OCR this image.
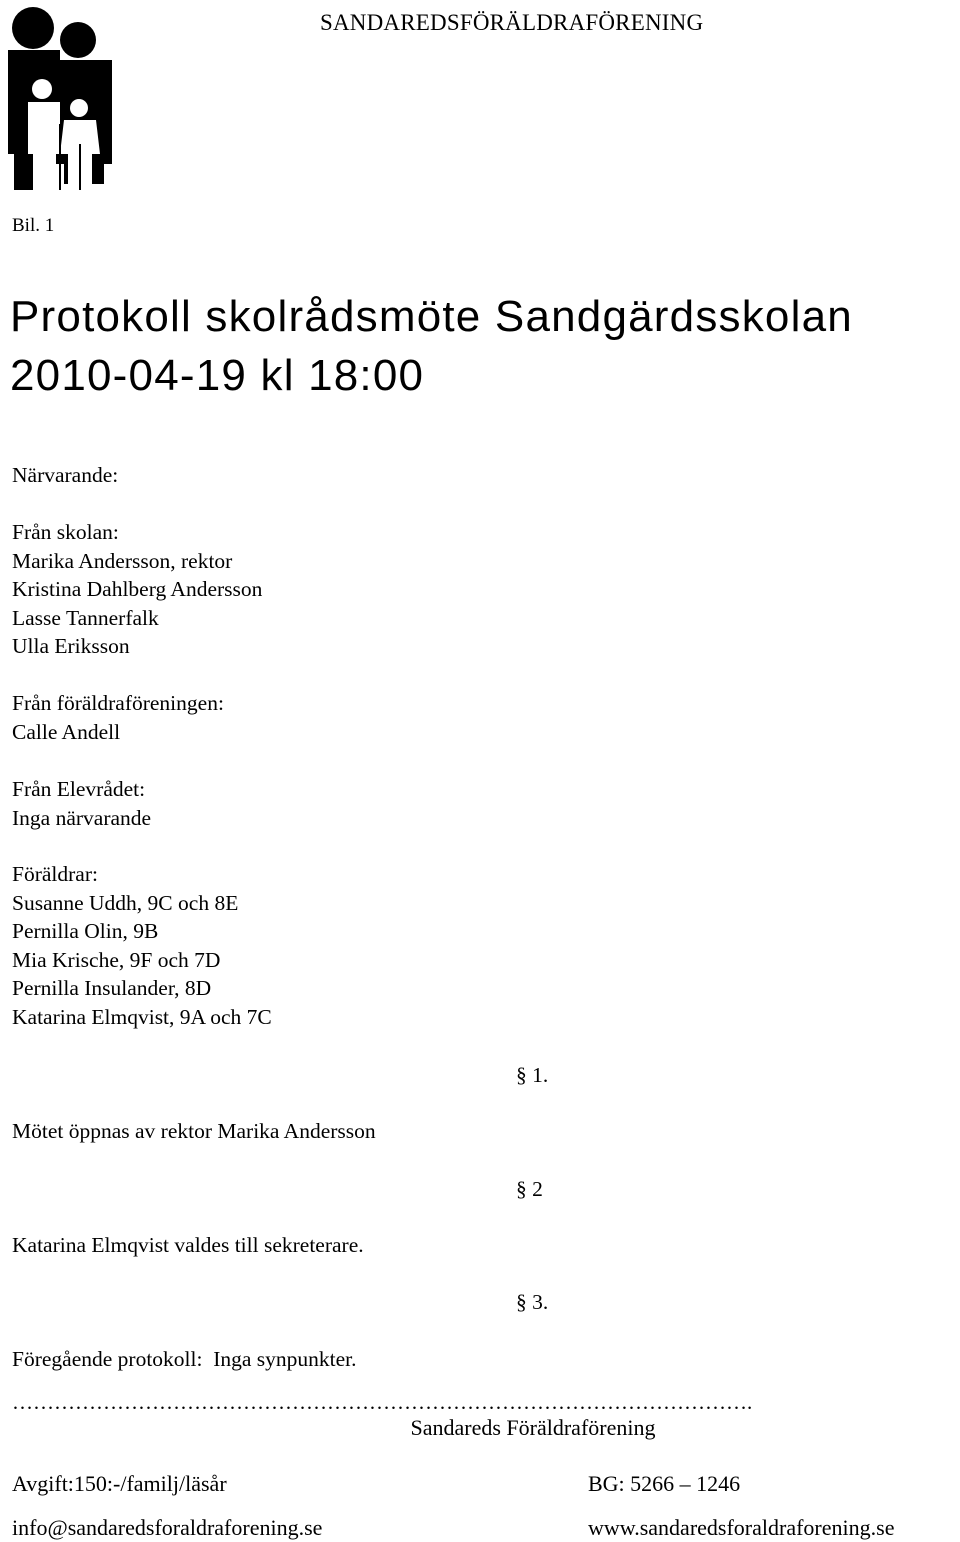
SANDAREDSFÖRÄLDRAFÖRENING
Bil. 1
Protokoll skolrådsmöte Sandgärdsskolan
2010-04-19 kl 18:00
Närvarande:
Från skolan:
Marika Andersson, rektor
Kristina Dahlberg Andersson
Lasse Tannerfalk
Ulla Eriksson
Från föräldraföreningen:
Calle Andell
Från Elevrådet:
Inga närvarande
Föräldrar:
Susanne Uddh, 9C och 8E
Pernilla Olin, 9B
Mia Krische, 9F och 7D
Pernilla Insulander, 8D
Katarina Elmqvist, 9A och 7C
§ 1.
Mötet öppnas av rektor Marika Andersson
§ 2
Katarina Elmqvist valdes till sekreterare.
§ 3.
Föregående protokoll:  Inga synpunkter.
…………………………………………………………………………………………….
Sandareds Föräldraförening
Avgift:150:-/familj/läsår	BG: 5266 – 1246
info@sandaredsforaldraforening.se	www.sandaredsforaldraforening.se
